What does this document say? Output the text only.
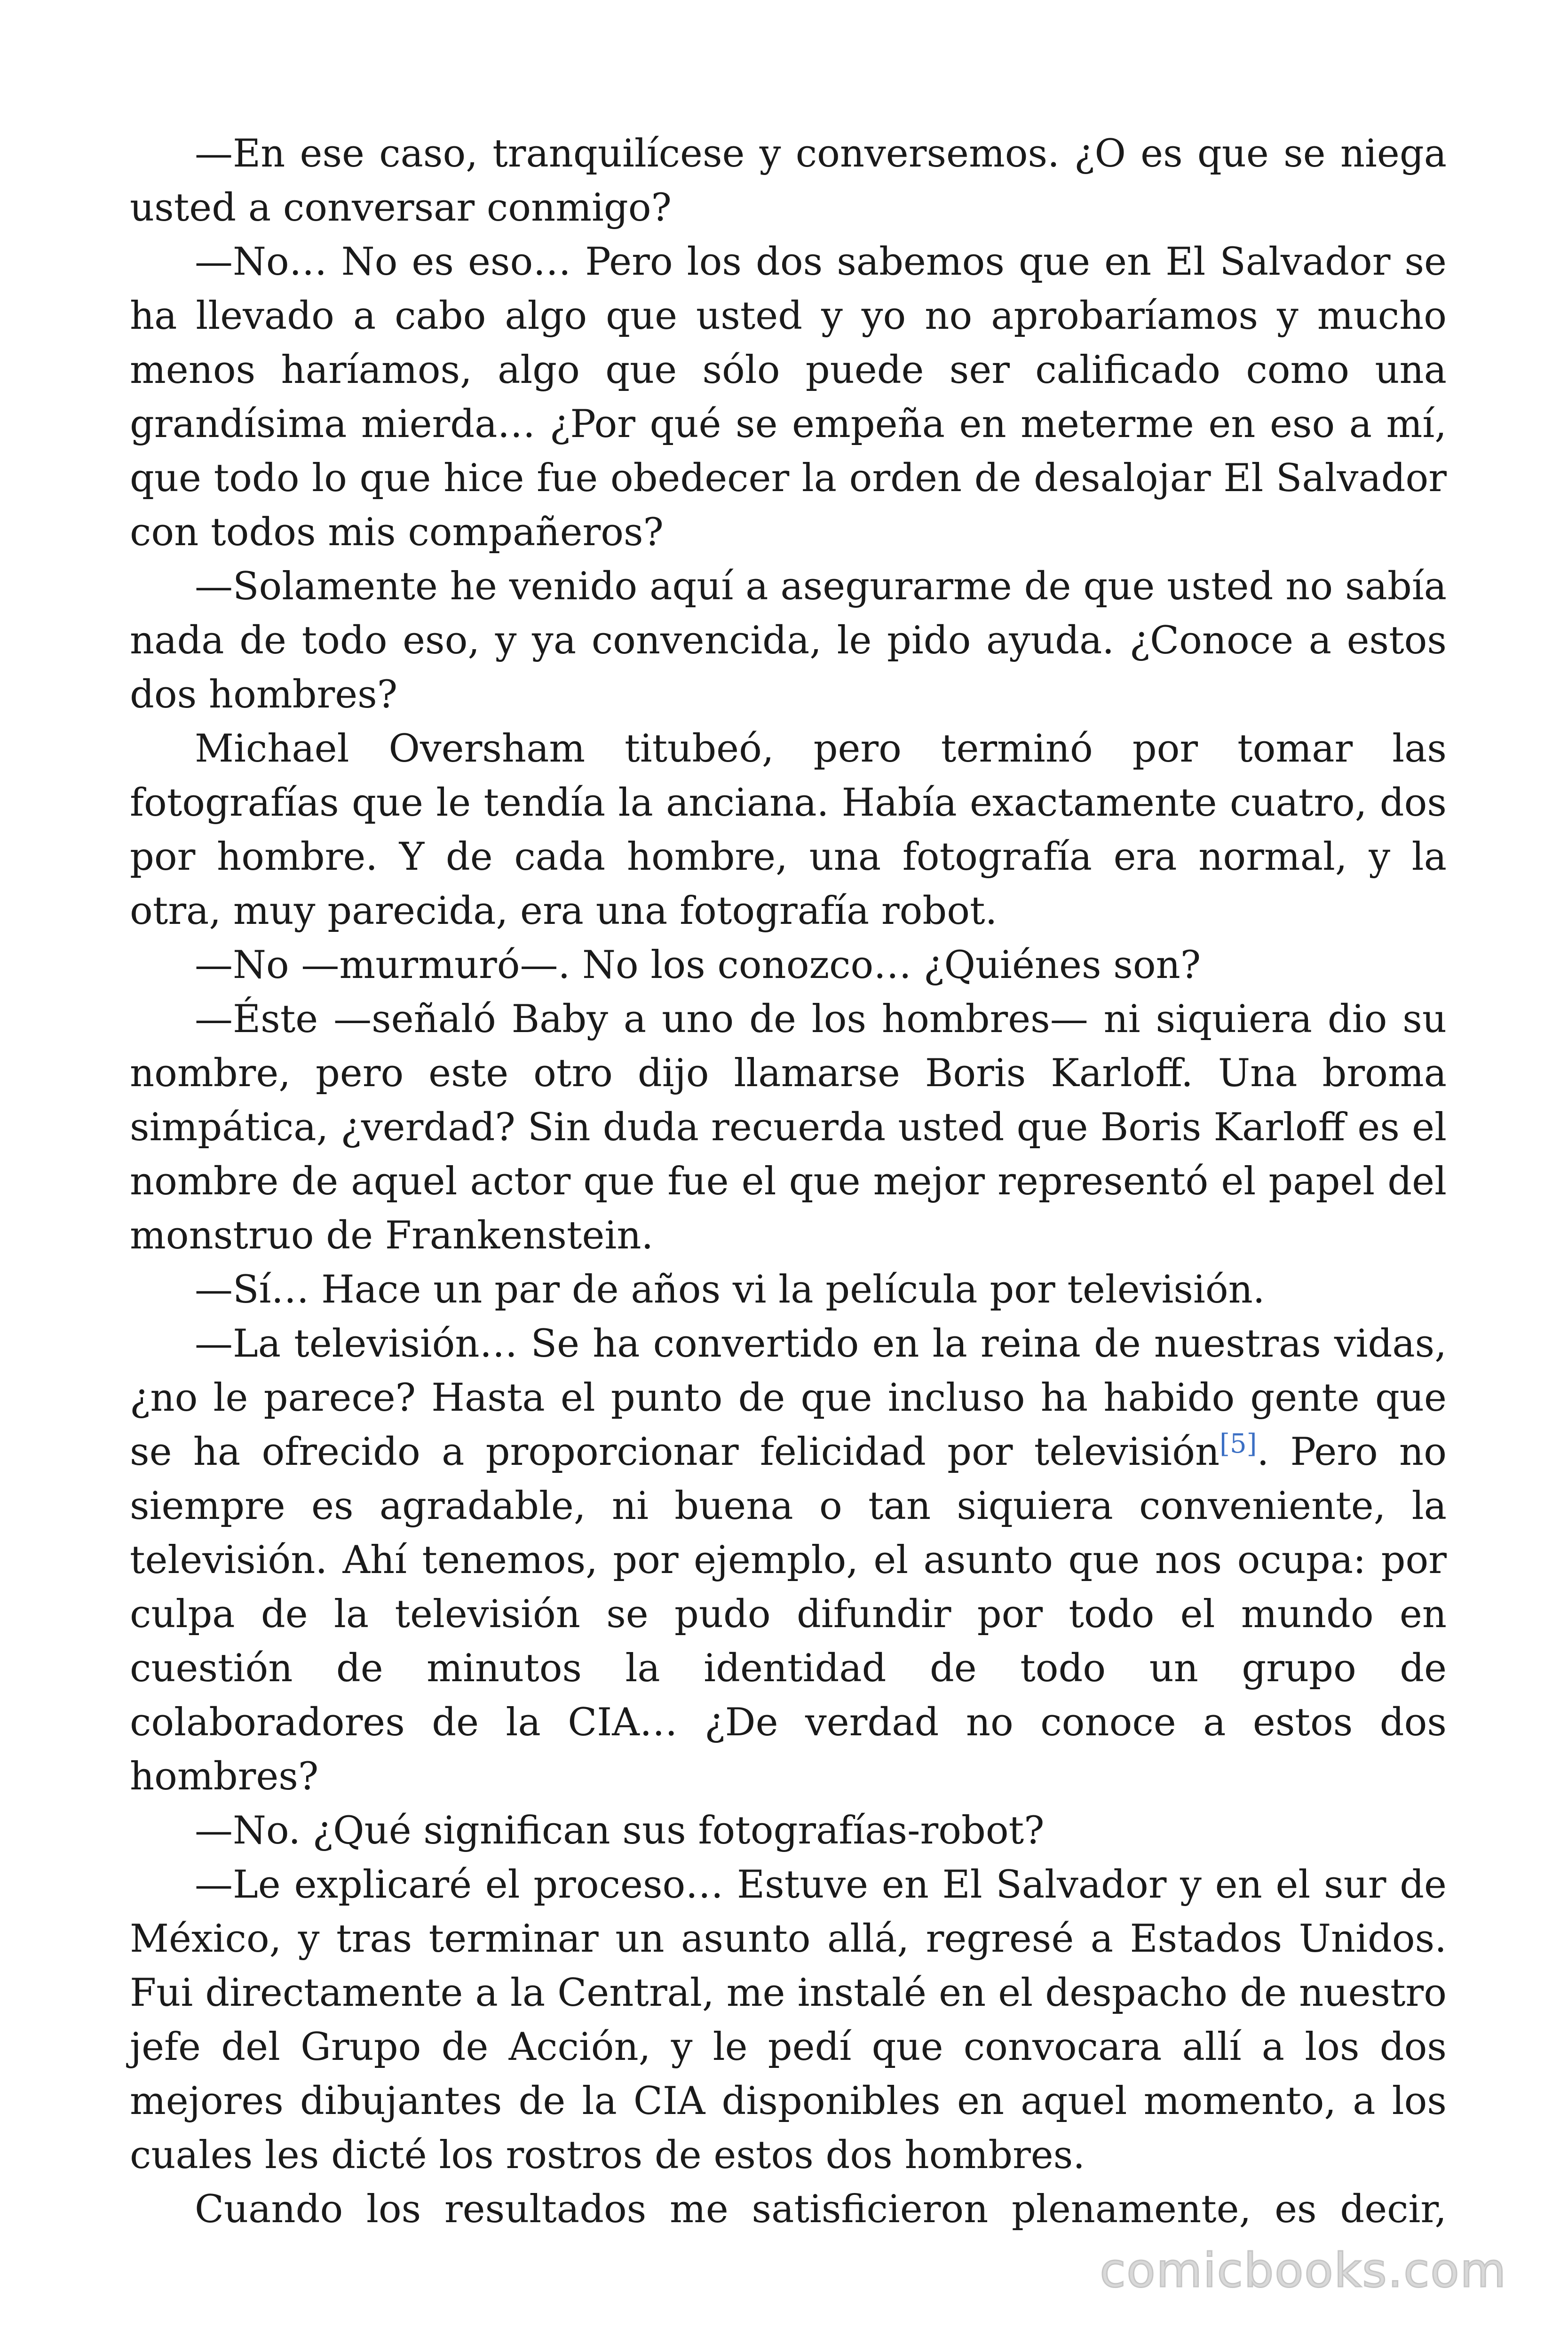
—En ese caso, tranquilícese y conversemos. ¿O es que se niega usted a conversar conmigo?

—No… No es eso… Pero los dos sabemos que en El Salvador se ha llevado a cabo algo que usted y yo no aprobaríamos y mucho menos haríamos, algo que sólo puede ser calificado como una grandísima mierda… ¿Por qué se empeña en meterme en eso a mí, que todo lo que hice fue obedecer la orden de desalojar El Salvador con todos mis compañeros?

—Solamente he venido aquí a asegurarme de que usted no sabía nada de todo eso, y ya convencida, le pido ayuda. ¿Conoce a estos dos hombres?

Michael Oversham titubeó, pero terminó por tomar las fotografías que le tendía la anciana. Había exactamente cuatro, dos por hombre. Y de cada hombre, una fotografía era normal, y la otra, muy parecida, era una fotografía robot.

—No —murmuró—. No los conozco… ¿Quiénes son?

—Éste —señaló Baby a uno de los hombres— ni siquiera dio su nombre, pero este otro dijo llamarse Boris Karloff. Una broma simpática, ¿verdad? Sin duda recuerda usted que Boris Karloff es el nombre de aquel actor que fue el que mejor representó el papel del monstruo de Frankenstein.

—Sí… Hace un par de años vi la película por televisión.

—La televisión… Se ha convertido en la reina de nuestras vidas, ¿no le parece? Hasta el punto de que incluso ha habido gente que se ha ofrecido a proporcionar felicidad por televisión[5]. Pero no siempre es agradable, ni buena o tan siquiera conveniente, la televisión. Ahí tenemos, por ejemplo, el asunto que nos ocupa: por culpa de la televisión se pudo difundir por todo el mundo en cuestión de minutos la identidad de todo un grupo de colaboradores de la CIA… ¿De verdad no conoce a estos dos hombres?

—No. ¿Qué significan sus fotografías-robot?

—Le explicaré el proceso… Estuve en El Salvador y en el sur de México, y tras terminar un asunto allá, regresé a Estados Unidos. Fui directamente a la Central, me instalé en el despacho de nuestro jefe del Grupo de Acción, y le pedí que convocara allí a los dos mejores dibujantes de la CIA disponibles en aquel momento, a los cuales les dicté los rostros de estos dos hombres.

Cuando los resultados me satisficieron plenamente, es decir,

comicbooks.com
